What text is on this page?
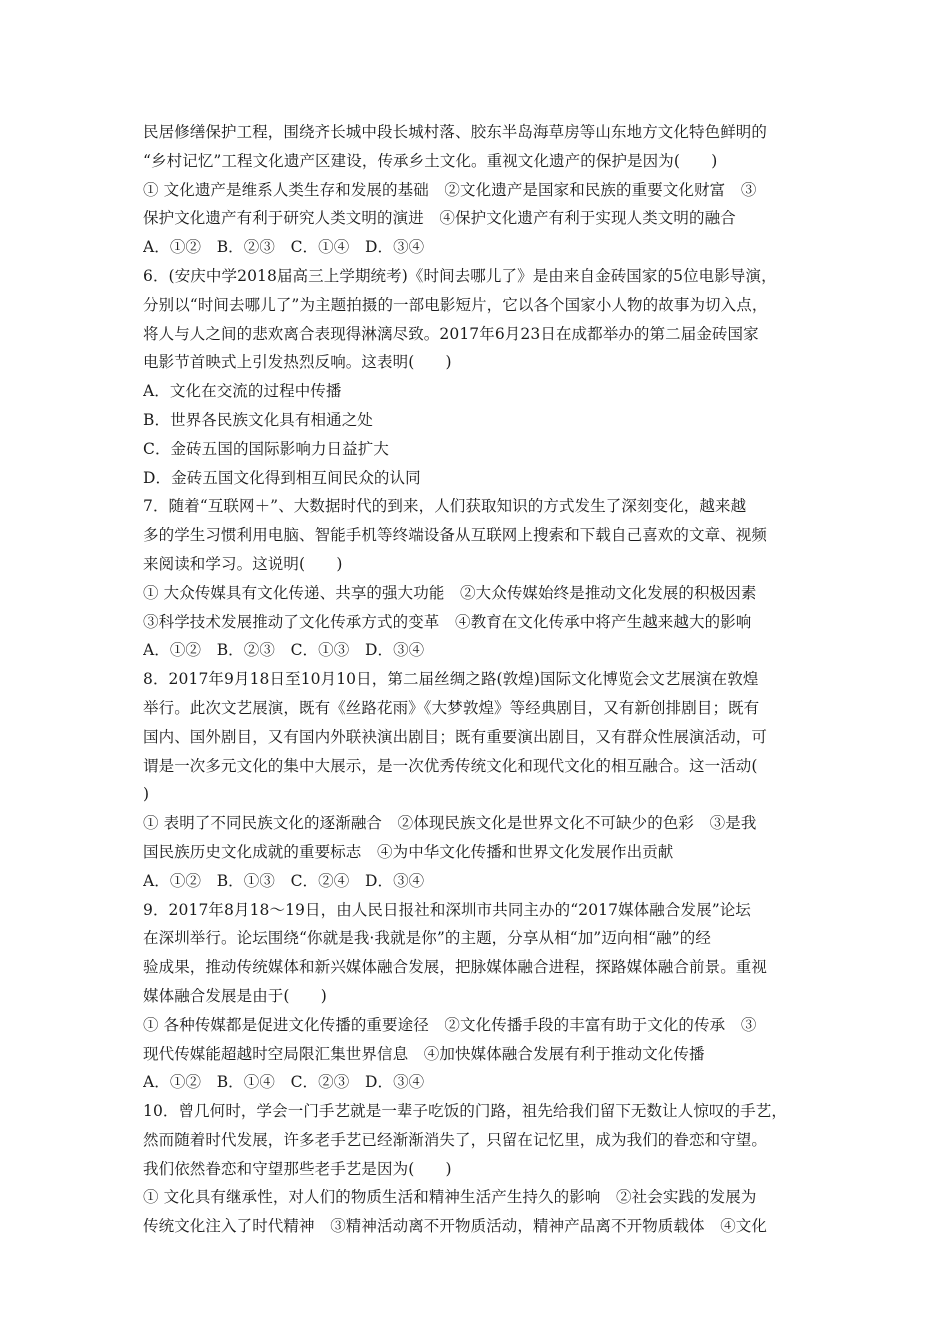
民居修缮保护工程，围绕齐长城中段长城村落、胶东半岛海草房等山东地方文化特色鲜明的
“乡村记忆”工程文化遗产区建设，传承乡土文化。重视文化遗产的保护是因为(　　)
① 文化遗产是维系人类生存和发展的基础　②文化遗产是国家和民族的重要文化财富　③
保护文化遗产有利于研究人类文明的演进　④保护文化遗产有利于实现人类文明的融合
A．①②　B．②③　C．①④　D．③④
6．(安庆中学2018届高三上学期统考)《时间去哪儿了》是由来自金砖国家的5位电影导演，
分别以“时间去哪儿了”为主题拍摄的一部电影短片，它以各个国家小人物的故事为切入点，
将人与人之间的悲欢离合表现得淋漓尽致。2017年6月23日在成都举办的第二届金砖国家
电影节首映式上引发热烈反响。这表明(　　)
A．文化在交流的过程中传播
B．世界各民族文化具有相通之处
C．金砖五国的国际影响力日益扩大
D．金砖五国文化得到相互间民众的认同
7．随着“互联网＋”、大数据时代的到来，人们获取知识的方式发生了深刻变化，越来越
多的学生习惯利用电脑、智能手机等终端设备从互联网上搜索和下载自己喜欢的文章、视频
来阅读和学习。这说明(　　)
① 大众传媒具有文化传递、共享的强大功能　②大众传媒始终是推动文化发展的积极因素
③科学技术发展推动了文化传承方式的变革　④教育在文化传承中将产生越来越大的影响
A．①②　B．②③　C．①③　D．③④
8．2017年9月18日至10月10日，第二届丝绸之路(敦煌)国际文化博览会文艺展演在敦煌
举行。此次文艺展演，既有《丝路花雨》《大梦敦煌》等经典剧目，又有新创排剧目；既有
国内、国外剧目，又有国内外联袂演出剧目；既有重要演出剧目，又有群众性展演活动，可
谓是一次多元文化的集中大展示，是一次优秀传统文化和现代文化的相互融合。这一活动(
)
① 表明了不同民族文化的逐渐融合　②体现民族文化是世界文化不可缺少的色彩　③是我
国民族历史文化成就的重要标志　④为中华文化传播和世界文化发展作出贡献
A．①②　B．①③　C．②④　D．③④
9．2017年8月18～19日，由人民日报社和深圳市共同主办的“2017媒体融合发展”论坛
在深圳举行。论坛围绕“你就是我·我就是你”的主题，分享从相“加”迈向相“融”的经
验成果，推动传统媒体和新兴媒体融合发展，把脉媒体融合进程，探路媒体融合前景。重视
媒体融合发展是由于(　　)
① 各种传媒都是促进文化传播的重要途径　②文化传播手段的丰富有助于文化的传承　③
现代传媒能超越时空局限汇集世界信息　④加快媒体融合发展有利于推动文化传播
A．①②　B．①④　C．②③　D．③④
10．曾几何时，学会一门手艺就是一辈子吃饭的门路，祖先给我们留下无数让人惊叹的手艺，
然而随着时代发展，许多老手艺已经渐渐消失了，只留在记忆里，成为我们的眷恋和守望。
我们依然眷恋和守望那些老手艺是因为(　　)
① 文化具有继承性，对人们的物质生活和精神生活产生持久的影响　②社会实践的发展为
传统文化注入了时代精神　③精神活动离不开物质活动，精神产品离不开物质载体　④文化
